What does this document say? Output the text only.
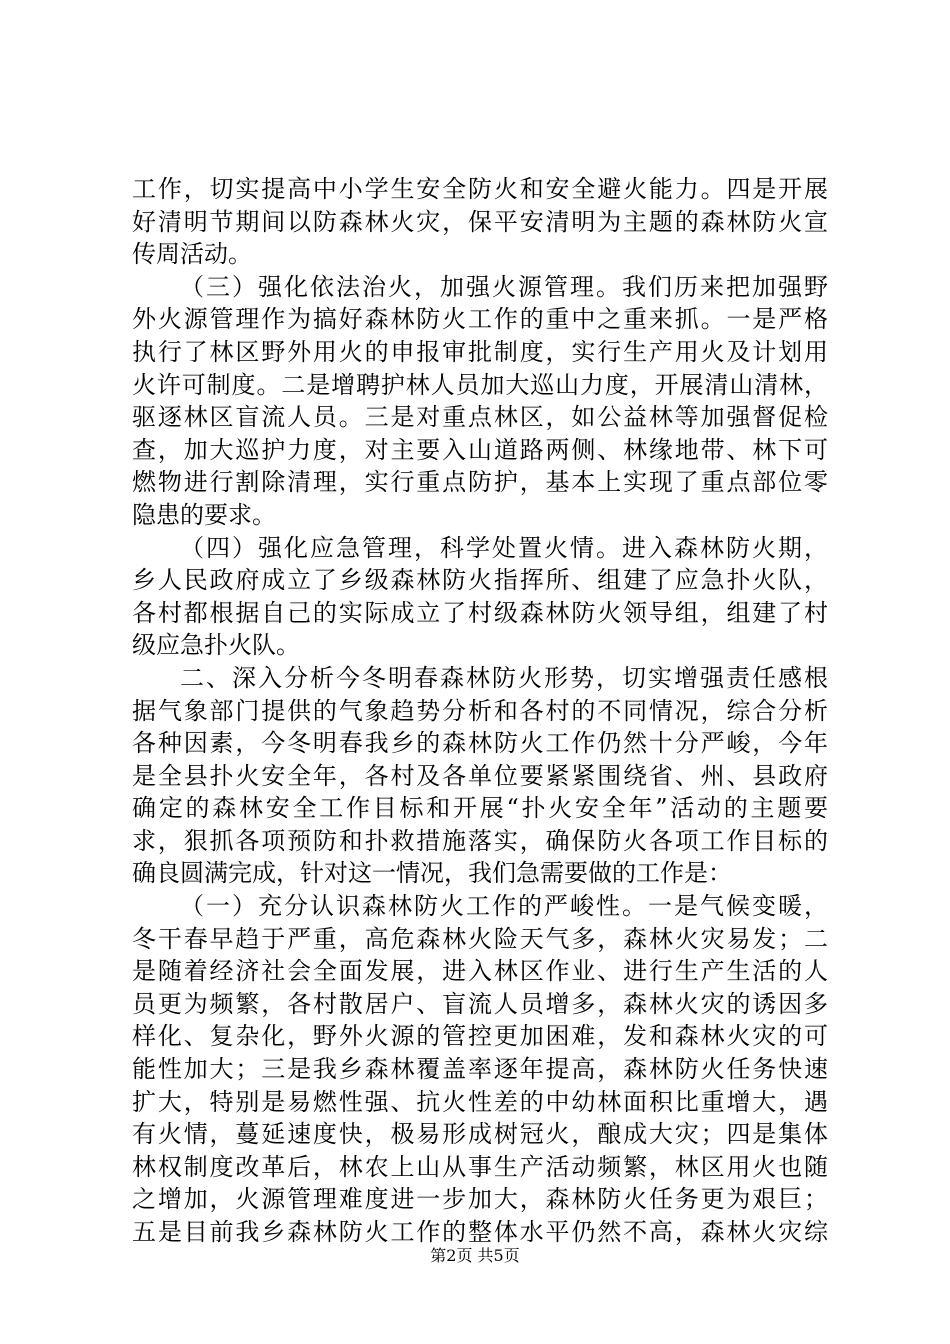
工作，切实提高中小学生安全防火和安全避火能力。四是开展
好清明节期间以防森林火灾，保平安清明为主题的森林防火宣
传周活动。
（三）强化依法治火，加强火源管理。我们历来把加强野
外火源管理作为搞好森林防火工作的重中之重来抓。一是严格
执行了林区野外用火的申报审批制度，实行生产用火及计划用
火许可制度。二是增聘护林人员加大巡山力度，开展清山清林，
驱逐林区盲流人员。三是对重点林区，如公益林等加强督促检
查，加大巡护力度，对主要入山道路两侧、林缘地带、林下可
燃物进行割除清理，实行重点防护，基本上实现了重点部位零
隐患的要求。
（四）强化应急管理，科学处置火情。进入森林防火期，
乡人民政府成立了乡级森林防火指挥所、组建了应急扑火队，
各村都根据自己的实际成立了村级森林防火领导组，组建了村
级应急扑火队。
二、深入分析今冬明春森林防火形势，切实增强责任感根
据气象部门提供的气象趋势分析和各村的不同情况，综合分析
各种因素，今冬明春我乡的森林防火工作仍然十分严峻，今年
是全县扑火安全年，各村及各单位要紧紧围绕省、州、县政府
确定的森林安全工作目标和开展“扑火安全年”活动的主题要
求，狠抓各项预防和扑救措施落实，确保防火各项工作目标的
确良圆满完成，针对这一情况，我们急需要做的工作是：
（一）充分认识森林防火工作的严峻性。一是气候变暖，
冬干春早趋于严重，高危森林火险天气多，森林火灾易发；二
是随着经济社会全面发展，进入林区作业、进行生产生活的人
员更为频繁，各村散居户、盲流人员增多，森林火灾的诱因多
样化、复杂化，野外火源的管控更加困难，发和森林火灾的可
能性加大；三是我乡森林覆盖率逐年提高，森林防火任务快速
扩大，特别是易燃性强、抗火性差的中幼林面积比重增大，遇
有火情，蔓延速度快，极易形成树冠火，酿成大灾；四是集体
林权制度改革后，林农上山从事生产活动频繁，林区用火也随
之增加，火源管理难度进一步加大，森林防火任务更为艰巨；
五是目前我乡森林防火工作的整体水平仍然不高，森林火灾综
第2页 共5页
